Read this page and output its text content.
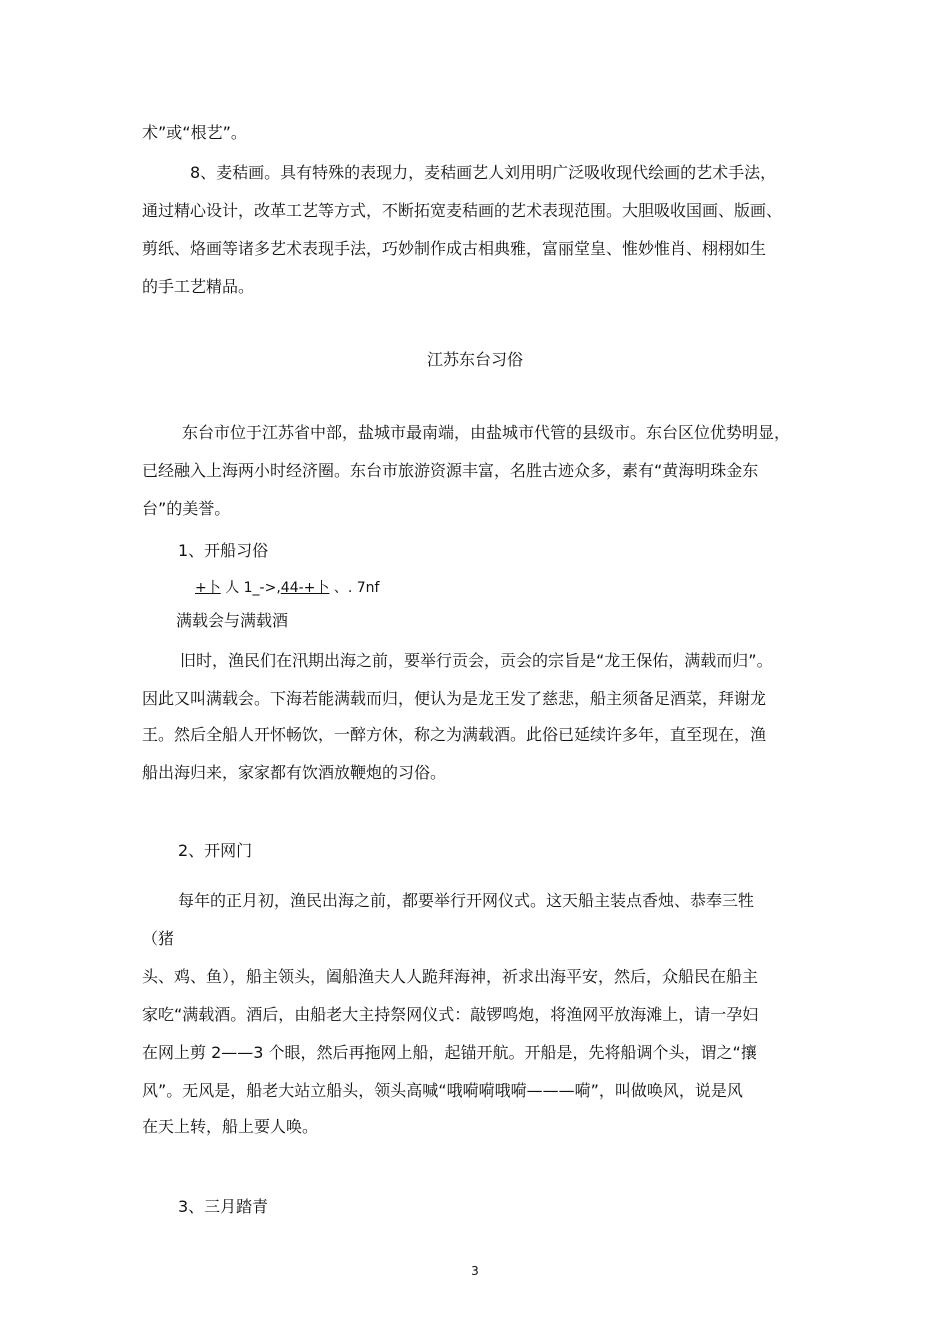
术”或“根艺”。
8、麦秸画。具有特殊的表现力，麦秸画艺人刘用明广泛吸收现代绘画的艺术手法，
通过精心设计，改革工艺等方式，不断拓宽麦秸画的艺术表现范围。大胆吸收国画、版画、
剪纸、烙画等诸多艺术表现手法，巧妙制作成古相典雅，富丽堂皇、惟妙惟肖、栩栩如生
的手工艺精品。
江苏东台习俗
东台市位于江苏省中部，盐城市最南端，由盐城市代管的县级市。东台区位优势明显，
已经融入上海两小时经济圈。东台市旅游资源丰富，名胜古迹众多，素有“黄海明珠金东
台”的美誉。
1、开船习俗
+卜 人 1_->,44-+卜 、. 7nf
满载会与满载酒
旧时，渔民们在汛期出海之前，要举行贡会，贡会的宗旨是“龙王保佑，满载而归”。
因此又叫满载会。下海若能满载而归，便认为是龙王发了慈悲，船主须备足酒菜，拜谢龙
王。然后全船人开怀畅饮，一醉方休，称之为满载酒。此俗已延续许多年，直至现在，渔
船出海归来，家家都有饮酒放鞭炮的习俗。
2、开网门
每年的正月初，渔民出海之前，都要举行开网仪式。这天船主装点香烛、恭奉三牲
（猪
头、鸡、鱼），船主领头，阖船渔夫人人跪拜海神，祈求出海平安，然后，众船民在船主
家吃“满载酒。酒后，由船老大主持祭网仪式：敲锣鸣炮，将渔网平放海滩上，请一孕妇
在网上剪 2——3 个眼，然后再拖网上船，起锚开航。开船是，先将船调个头，谓之“攘
风”。无风是，船老大站立船头，领头高喊“哦嗬嗬哦嗬———嗬”，叫做唤风，说是风
在天上转，船上要人唤。
3、三月踏青
3
